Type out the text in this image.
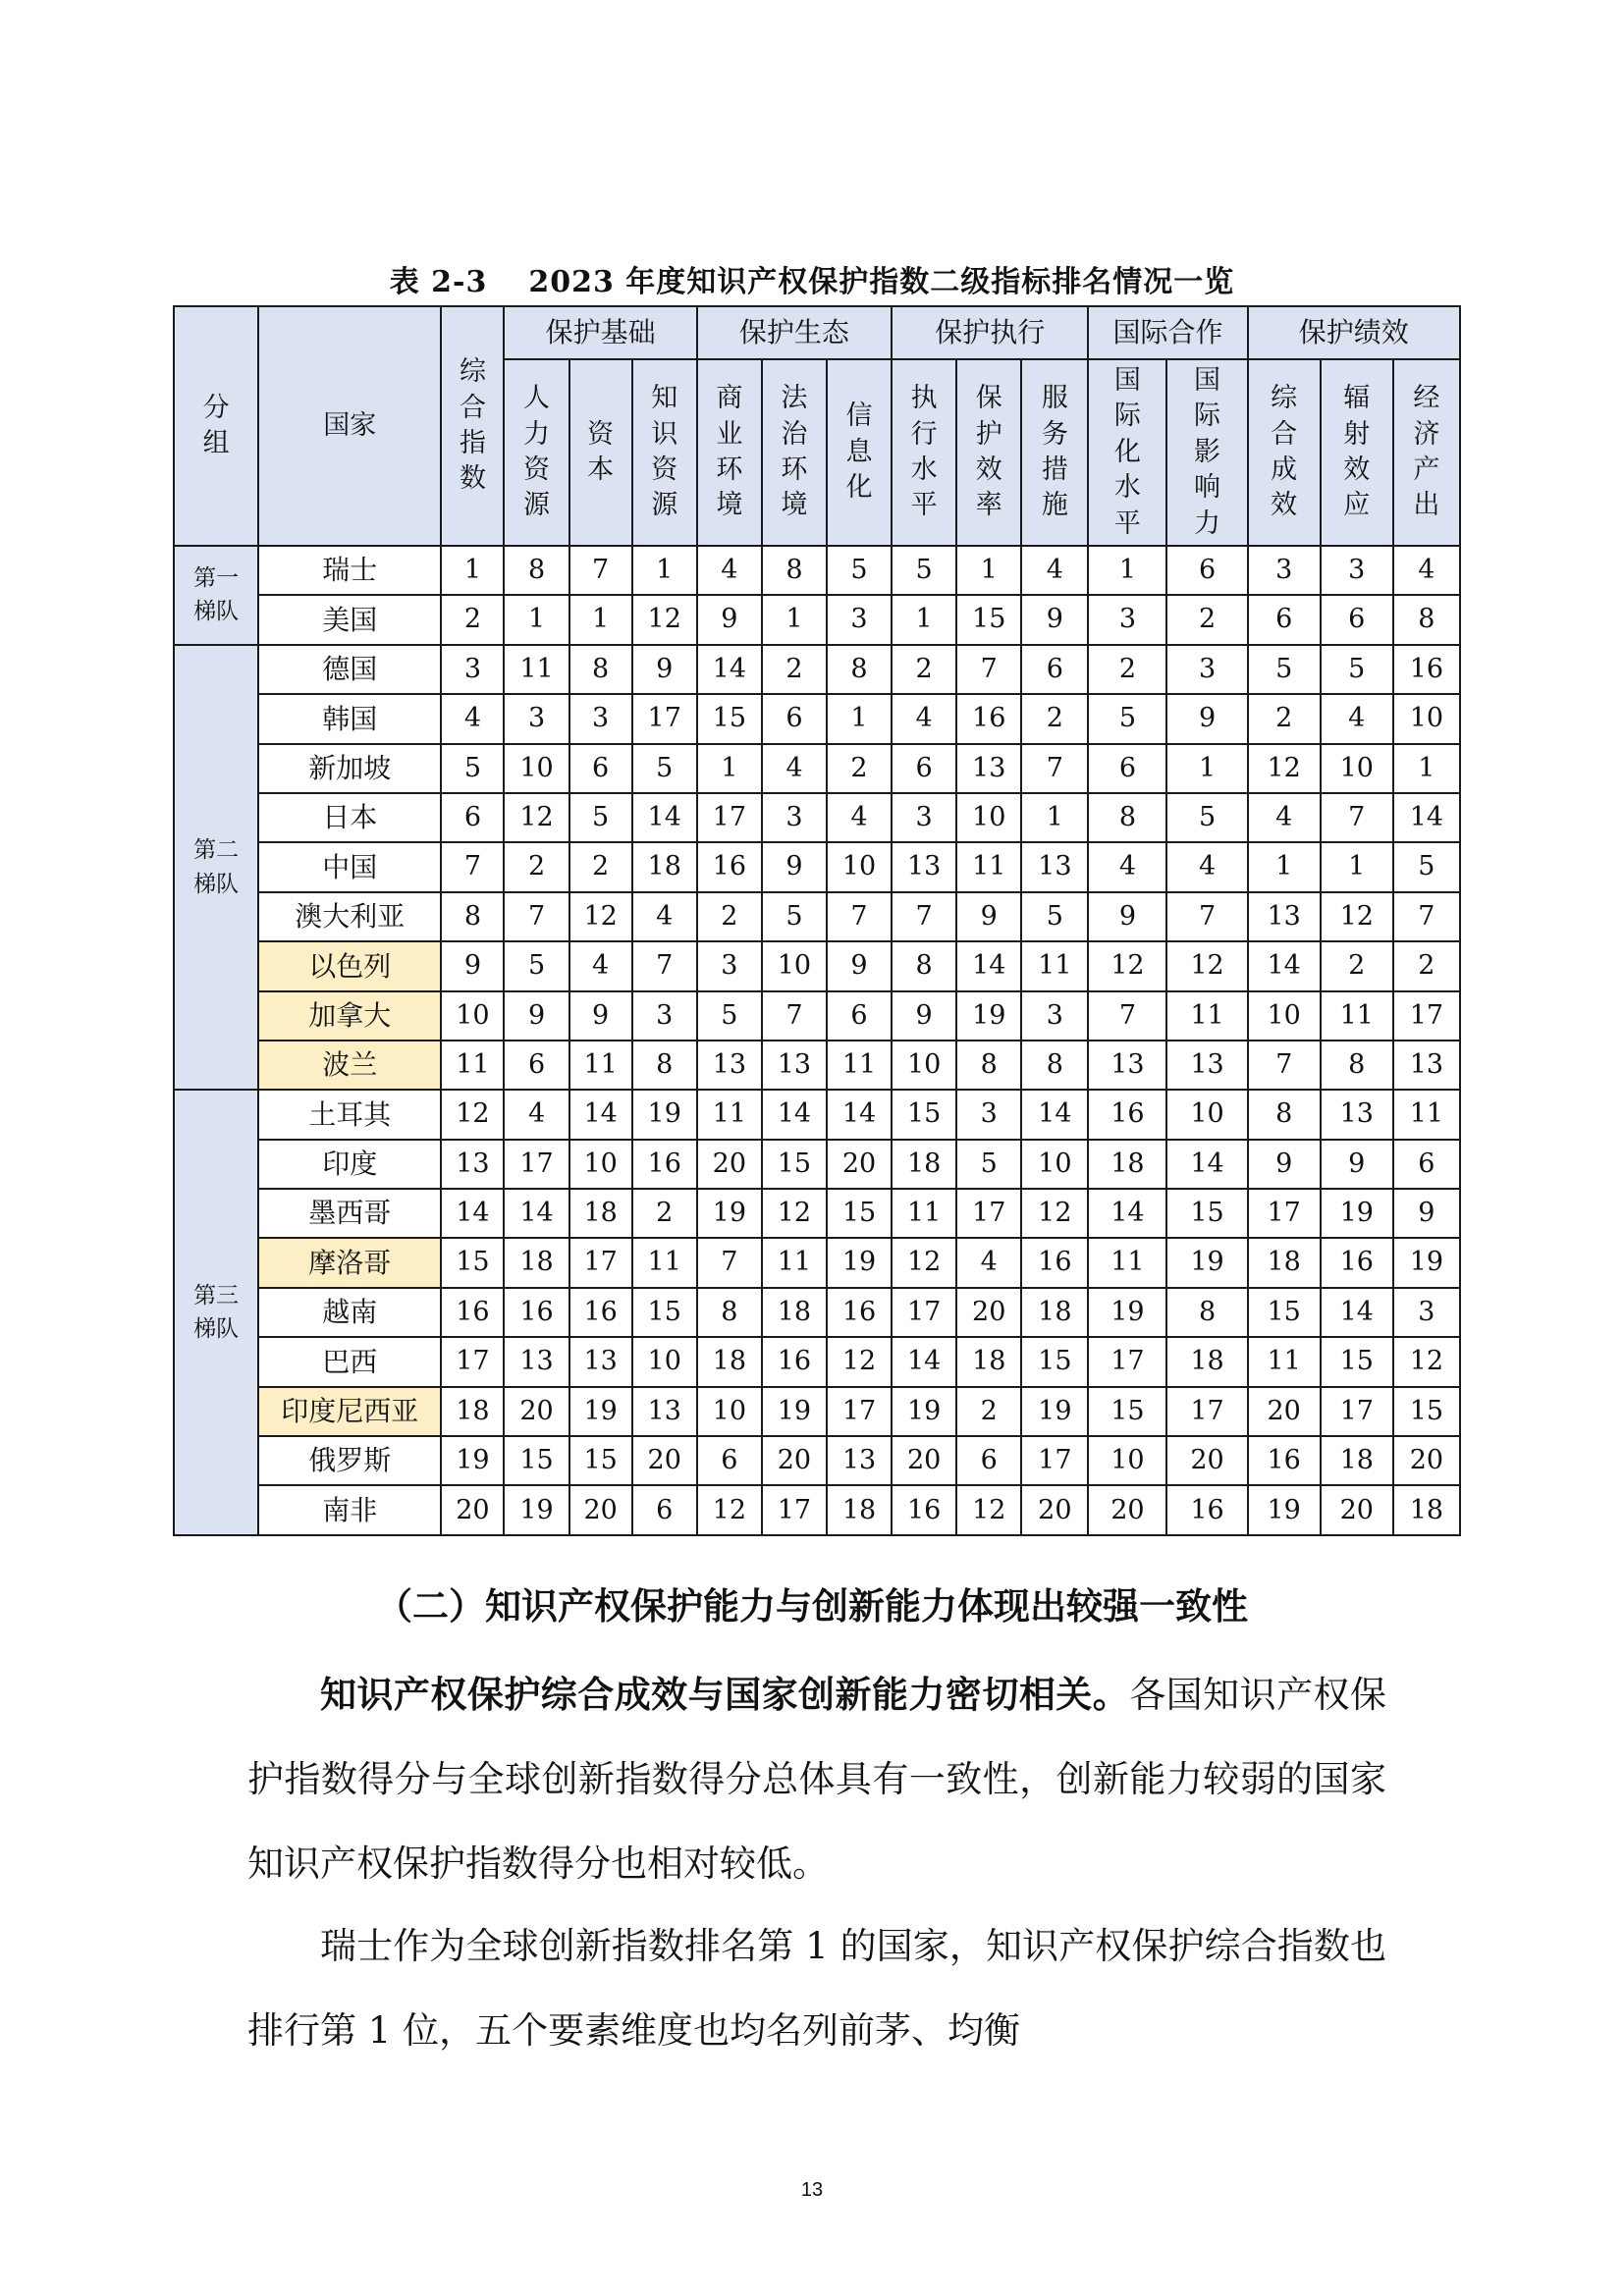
表 2-3 2023 年度知识产权保护指数二级指标排名情况一览
分组	国家	综合指数	保护基础			保护生态			保护执行			国际合作		保护绩效		
			人力资源	资本	知识资源	商业环境	法治环境	信息化	执行水平	保护效率	服务措施	国际化水平	国际影响力	综合成效	辐射效应	经济产出
第一梯队	瑞士	1	8	7	1	4	8	5	5	1	4	1	6	3	3	4
	美国	2	1	1	12	9	1	3	1	15	9	3	2	6	6	8
第二梯队	德国	3	11	8	9	14	2	8	2	7	6	2	3	5	5	16
	韩国	4	3	3	17	15	6	1	4	16	2	5	9	2	4	10
	新加坡	5	10	6	5	1	4	2	6	13	7	6	1	12	10	1
	日本	6	12	5	14	17	3	4	3	10	1	8	5	4	7	14
	中国	7	2	2	18	16	9	10	13	11	13	4	4	1	1	5
	澳大利亚	8	7	12	4	2	5	7	7	9	5	9	7	13	12	7
	以色列	9	5	4	7	3	10	9	8	14	11	12	12	14	2	2
	加拿大	10	9	9	3	5	7	6	9	19	3	7	11	10	11	17
	波兰	11	6	11	8	13	13	11	10	8	8	13	13	7	8	13
第三梯队	土耳其	12	4	14	19	11	14	14	15	3	14	16	10	8	13	11
	印度	13	17	10	16	20	15	20	18	5	10	18	14	9	9	6
	墨西哥	14	14	18	2	19	12	15	11	17	12	14	15	17	19	9
	摩洛哥	15	18	17	11	7	11	19	12	4	16	11	19	18	16	19
	越南	16	16	16	15	8	18	16	17	20	18	19	8	15	14	3
	巴西	17	13	13	10	18	16	12	14	18	15	17	18	11	15	12
	印度尼西亚	18	20	19	13	10	19	17	19	2	19	15	17	20	17	15
	俄罗斯	19	15	15	20	6	20	13	20	6	17	10	20	16	18	20
	南非	20	19	20	6	12	17	18	16	12	20	20	16	19	20	18
（二）知识产权保护能力与创新能力体现出较强一致性
知识产权保护综合成效与国家创新能力密切相关。各国知识产权保护指数得分与全球创新指数得分总体具有一致性，创新能力较弱的国家知识产权保护指数得分也相对较低。
瑞士作为全球创新指数排名第 1 的国家，知识产权保护综合指数也排行第 1 位，五个要素维度也均名列前茅、均衡
13
